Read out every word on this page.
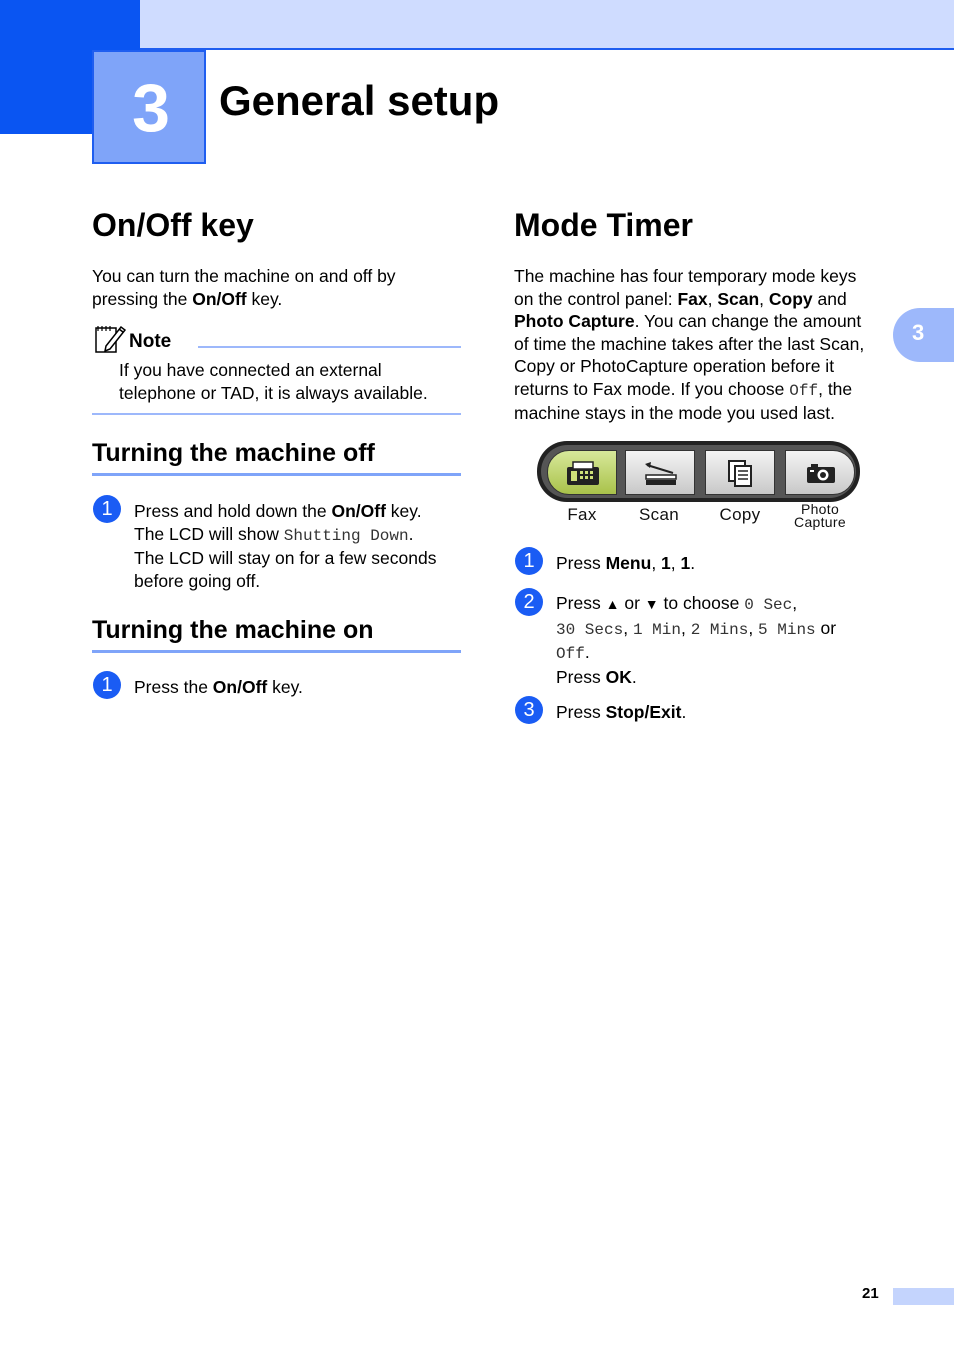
3	General setup
3
On/Off key

You can turn the machine on and off by
pressing the On/Off key.

Note

If you have connected an external
telephone or TAD, it is always available.

Turning the machine off
1	Press and hold down the On/Off key.
The LCD will show Shutting Down.
The LCD will stay on for a few seconds
before going off.

Turning the machine on
1	Press the On/Off key.

Mode Timer

The machine has four temporary mode keys
on the control panel: Fax, Scan, Copy and
Photo Capture. You can change the amount
of time the machine takes after the last Scan,
Copy or PhotoCapture operation before it
returns to Fax mode. If you choose Off, the
machine stays in the mode you used last.

Fax	Scan	Copy	Photo
Capture
1	Press Menu, 1, 1.

2	Press ▲ or ▼ to choose 0 Sec,
30 Secs, 1 Min, 2 Mins, 5 Mins or
Off.
Press OK.

3	Press Stop/Exit.

21
